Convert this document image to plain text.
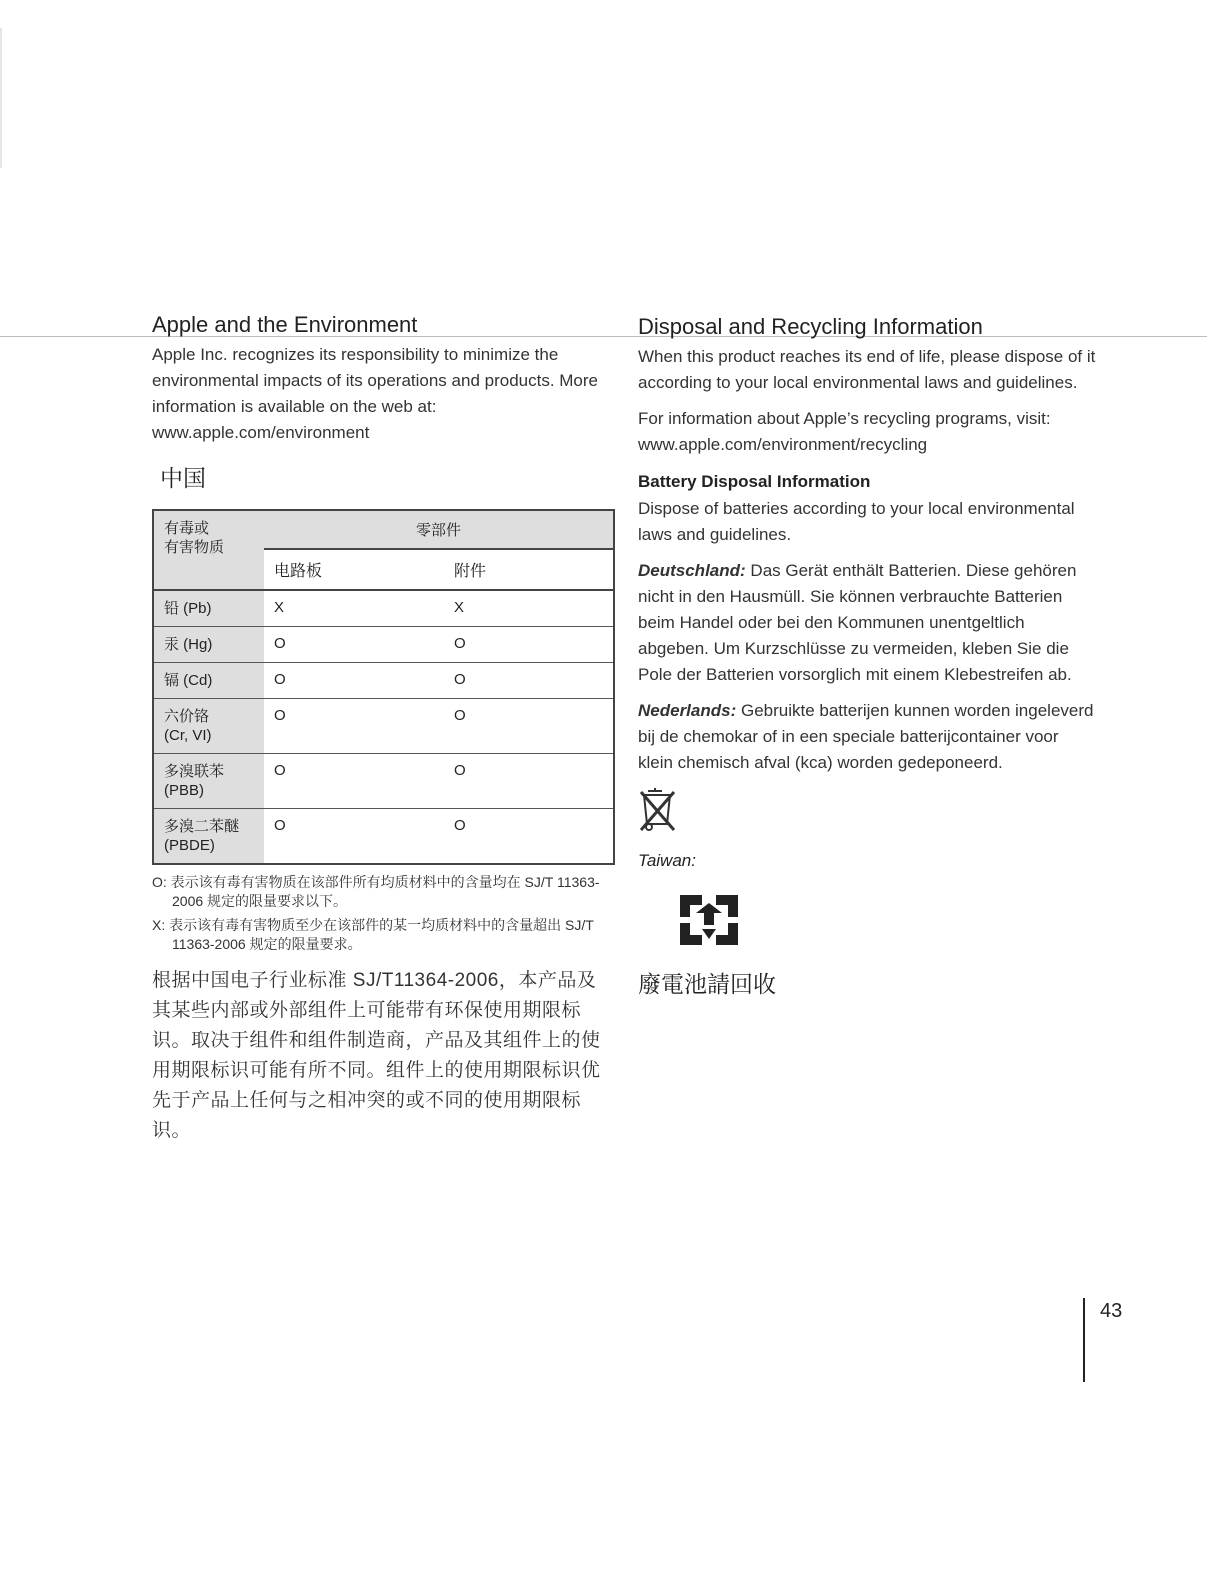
Apple and the Environment

Apple Inc. recognizes its responsibility to minimize the environmental impacts of its operations and products. More information is available on the web at:

www.apple.com/environment

中国
有毒或
有害物质	零部件	
	电路板	附件
铅 (Pb)	X	X
汞 (Hg)	O	O
镉 (Cd)	O	O
六价铬
(Cr, VI)	O	O
多溴联苯
(PBB)	O	O
多溴二苯醚
(PBDE)	O	O
O: 表示该有毒有害物质在该部件所有均质材料中的含量均在 SJ/T 11363-2006 规定的限量要求以下。
X: 表示该有毒有害物质至少在该部件的某一均质材料中的含量超出 SJ/T 11363-2006 规定的限量要求。
根据中国电子行业标准 SJ/T11364-2006，本产品及其某些内部或外部组件上可能带有环保使用期限标识。取决于组件和组件制造商，产品及其组件上的使用期限标识可能有所不同。组件上的使用期限标识优先于产品上任何与之相冲突的或不同的使用期限标识。
Disposal and Recycling Information

When this product reaches its end of life, please dispose of it according to your local environmental laws and guidelines.

For information about Apple’s recycling programs, visit: www.apple.com/environment/recycling

Battery Disposal Information

Dispose of batteries according to your local environmental laws and guidelines.

Deutschland: Das Gerät enthält Batterien. Diese gehören nicht in den Hausmüll. Sie können verbrauchte Batterien beim Handel oder bei den Kommunen unentgeltlich abgeben. Um Kurzschlüsse zu vermeiden, kleben Sie die Pole der Batterien vorsorglich mit einem Klebestreifen ab.

Nederlands: Gebruikte batterijen kunnen worden ingeleverd bij de chemokar of in een speciale batterijcontainer voor klein chemisch afval (kca) worden gedeponeerd.

Taiwan:
廢電池請回收
43
